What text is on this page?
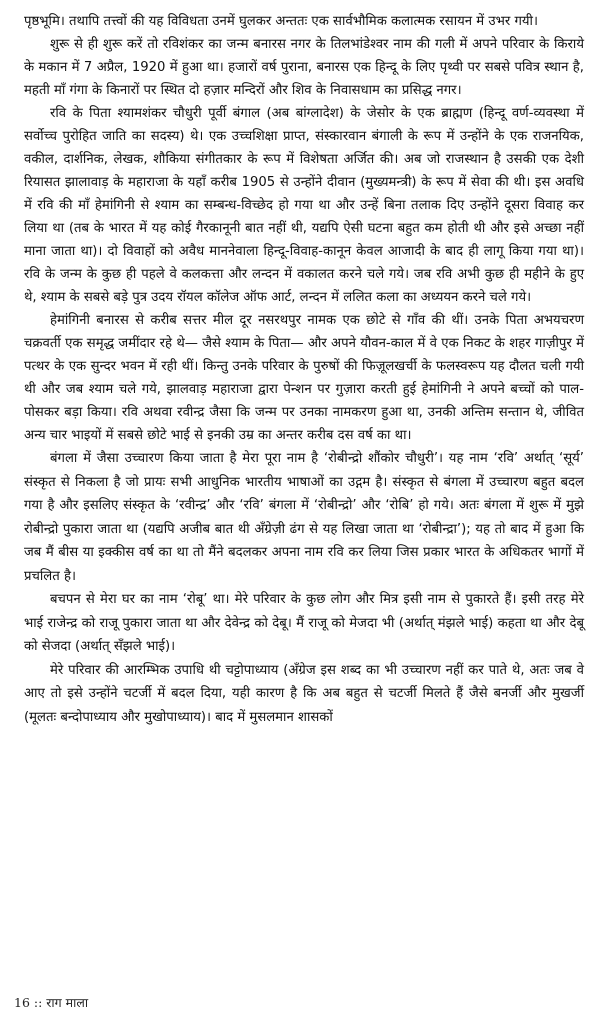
पृष्ठभूमि। तथापि तत्त्वों की यह विविधता उनमें घुलकर अन्ततः एक सार्वभौमिक कलात्मक रसायन में उभर गयी।

शुरू से ही शुरू करें तो रविशंकर का जन्म बनारस नगर के तिलभांडेश्वर नाम की गली में अपने परिवार के किराये के मकान में 7 अप्रैल, 1920 में हुआ था। हजारों वर्ष पुराना, बनारस एक हिन्दू के लिए पृथ्वी पर सबसे पवित्र स्थान है, महती माँ गंगा के किनारों पर स्थित दो हज़ार मन्दिरों और शिव के निवासधाम का प्रसिद्ध नगर।

रवि के पिता श्यामशंकर चौधुरी पूर्वी बंगाल (अब बांग्लादेश) के जेसोर के एक ब्राह्मण (हिन्दू वर्ण-व्यवस्था में सर्वोच्च पुरोहित जाति का सदस्य) थे। एक उच्चशिक्षा प्राप्त, संस्कारवान बंगाली के रूप में उन्होंने के एक राजनयिक, वकील, दार्शनिक, लेखक, शौकिया संगीतकार के रूप में विशेषता अर्जित की। अब जो राजस्थान है उसकी एक देशी रियासत झालावाड़ के महाराजा के यहाँ करीब 1905 से उन्होंने दीवान (मुख्यमन्त्री) के रूप में सेवा की थी। इस अवधि में रवि की माँ हेमांगिनी से श्याम का सम्बन्ध-विच्छेद हो गया था और उन्हें बिना तलाक दिए उन्होंने दूसरा विवाह कर लिया था (तब के भारत में यह कोई गैरकानूनी बात नहीं थी, यद्यपि ऐसी घटना बहुत कम होती थी और इसे अच्छा नहीं माना जाता था)। दो विवाहों को अवैध माननेवाला हिन्दू-विवाह-कानून केवल आजादी के बाद ही लागू किया गया था)। रवि के जन्म के कुछ ही पहले वे कलकत्ता और लन्दन में वकालत करने चले गये। जब रवि अभी कुछ ही महीने के हुए थे, श्याम के सबसे बड़े पुत्र उदय रॉयल कॉलेज ऑफ आर्ट, लन्दन में ललित कला का अध्ययन करने चले गये।

हेमांगिनी बनारस से करीब सत्तर मील दूर नसरथपुर नामक एक छोटे से गाँव की थीं। उनके पिता अभयचरण चक्रवर्ती एक समृद्ध जमींदार रहे थे— जैसे श्याम के पिता— और अपने यौवन-काल में वे एक निकट के शहर गाज़ीपुर में पत्थर के एक सुन्दर भवन में रही थीं। किन्तु उनके परिवार के पुरुषों की फिज़ूलखर्ची के फलस्वरूप यह दौलत चली गयी थी और जब श्याम चले गये, झालवाड़ महाराजा द्वारा पेन्शन पर गुज़ारा करती हुई हेमांगिनी ने अपने बच्चों को पाल-पोसकर बड़ा किया। रवि अथवा रवीन्द्र जैसा कि जन्म पर उनका नामकरण हुआ था, उनकी अन्तिम सन्तान थे, जीवित अन्य चार भाइयों में सबसे छोटे भाई से इनकी उम्र का अन्तर करीब दस वर्ष का था।

बंगला में जैसा उच्चारण किया जाता है मेरा पूरा नाम है ‘रोबीन्द्रो शौंकोर चौधुरी’। यह नाम ‘रवि’ अर्थात् ‘सूर्य’ संस्कृत से निकला है जो प्रायः सभी आधुनिक भारतीय भाषाओं का उद्गम है। संस्कृत से बंगला में उच्चारण बहुत बदल गया है और इसलिए संस्कृत के ‘रवीन्द्र’ और ‘रवि’ बंगला में ‘रोबीन्द्रो’ और ‘रोबि’ हो गये। अतः बंगला में शुरू में मुझे रोबीन्द्रो पुकारा जाता था (यद्यपि अजीब बात थी अँग्रेज़ी ढंग से यह लिखा जाता था ‘रोबीन्द्रा’); यह तो बाद में हुआ कि जब मैं बीस या इक्कीस वर्ष का था तो मैंने बदलकर अपना नाम रवि कर लिया जिस प्रकार भारत के अधिकतर भागों में प्रचलित है।

बचपन से मेरा घर का नाम ‘रोबू’ था। मेरे परिवार के कुछ लोग और मित्र इसी नाम से पुकारते हैं। इसी तरह मेरे भाई राजेन्द्र को राजू पुकारा जाता था और देवेन्द्र को देबू। मैं राजू को मेजदा भी (अर्थात् मंझले भाई) कहता था और देबू को सेजदा (अर्थात् सँझले भाई)।

मेरे परिवार की आरम्भिक उपाधि थी चट्टोपाध्याय (अँग्रेज इस शब्द का भी उच्चारण नहीं कर पाते थे, अतः जब वे आए तो इसे उन्होंने चटर्जी में बदल दिया, यही कारण है कि अब बहुत से चटर्जी मिलते हैं जैसे बनर्जी और मुखर्जी (मूलतः बन्दोपाध्याय और मुखोपाध्याय)। बाद में मुसलमान शासकों

16 :: राग माला
